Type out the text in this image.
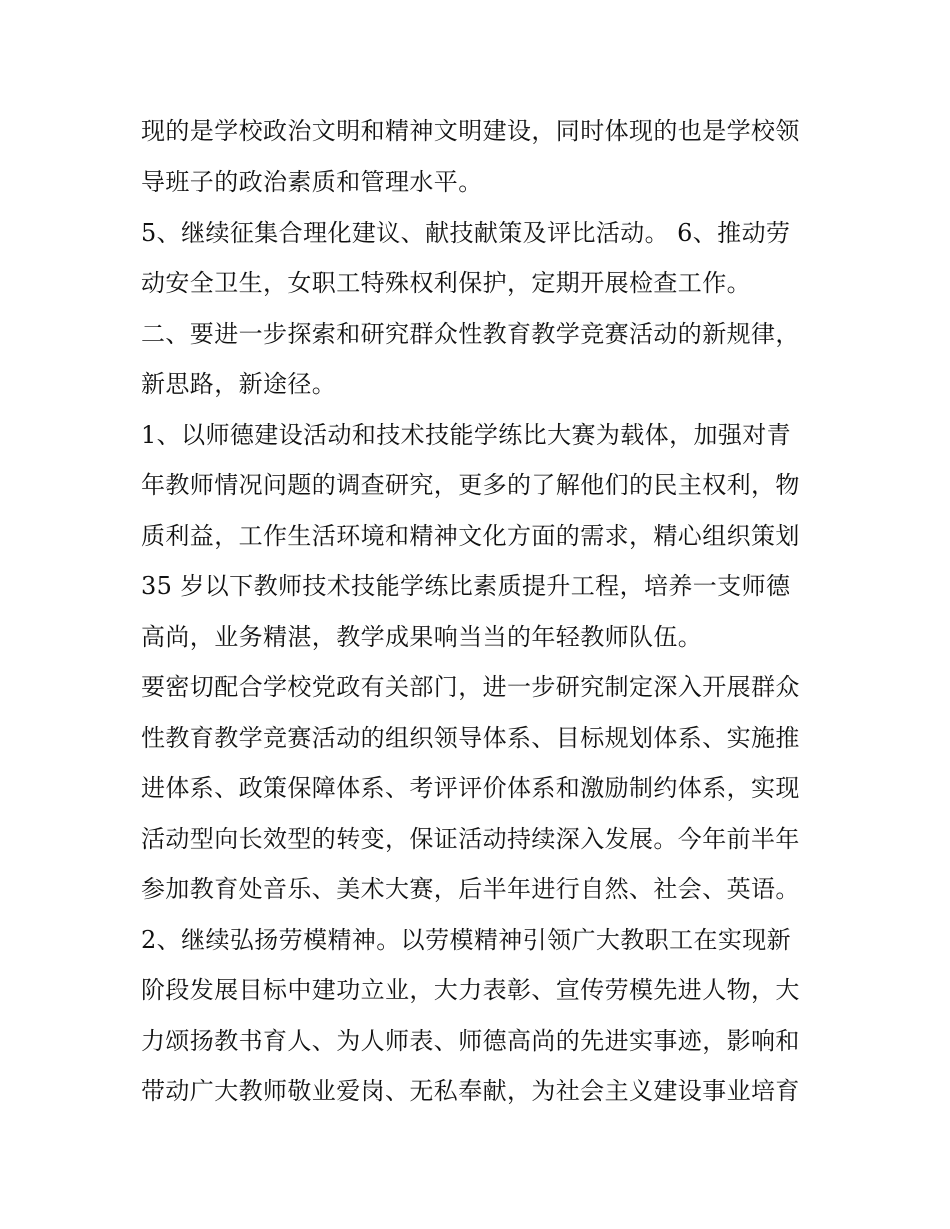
现的是学校政治文明和精神文明建设，同时体现的也是学校领
导班子的政治素质和管理水平。
5、继续征集合理化建议、献技献策及评比活动。 6、推动劳
动安全卫生，女职工特殊权利保护，定期开展检查工作。
二、要进一步探索和研究群众性教育教学竞赛活动的新规律，
新思路，新途径。
1、以师德建设活动和技术技能学练比大赛为载体，加强对青
年教师情况问题的调查研究，更多的了解他们的民主权利，物
质利益，工作生活环境和精神文化方面的需求，精心组织策划
35 岁以下教师技术技能学练比素质提升工程，培养一支师德
高尚，业务精湛，教学成果响当当的年轻教师队伍。
要密切配合学校党政有关部门，进一步研究制定深入开展群众
性教育教学竞赛活动的组织领导体系、目标规划体系、实施推
进体系、政策保障体系、考评评价体系和激励制约体系，实现
活动型向长效型的转变，保证活动持续深入发展。今年前半年
参加教育处音乐、美术大赛，后半年进行自然、社会、英语。
2、继续弘扬劳模精神。以劳模精神引领广大教职工在实现新
阶段发展目标中建功立业，大力表彰、宣传劳模先进人物，大
力颂扬教书育人、为人师表、师德高尚的先进实事迹，影响和
带动广大教师敬业爱岗、无私奉献，为社会主义建设事业培育
